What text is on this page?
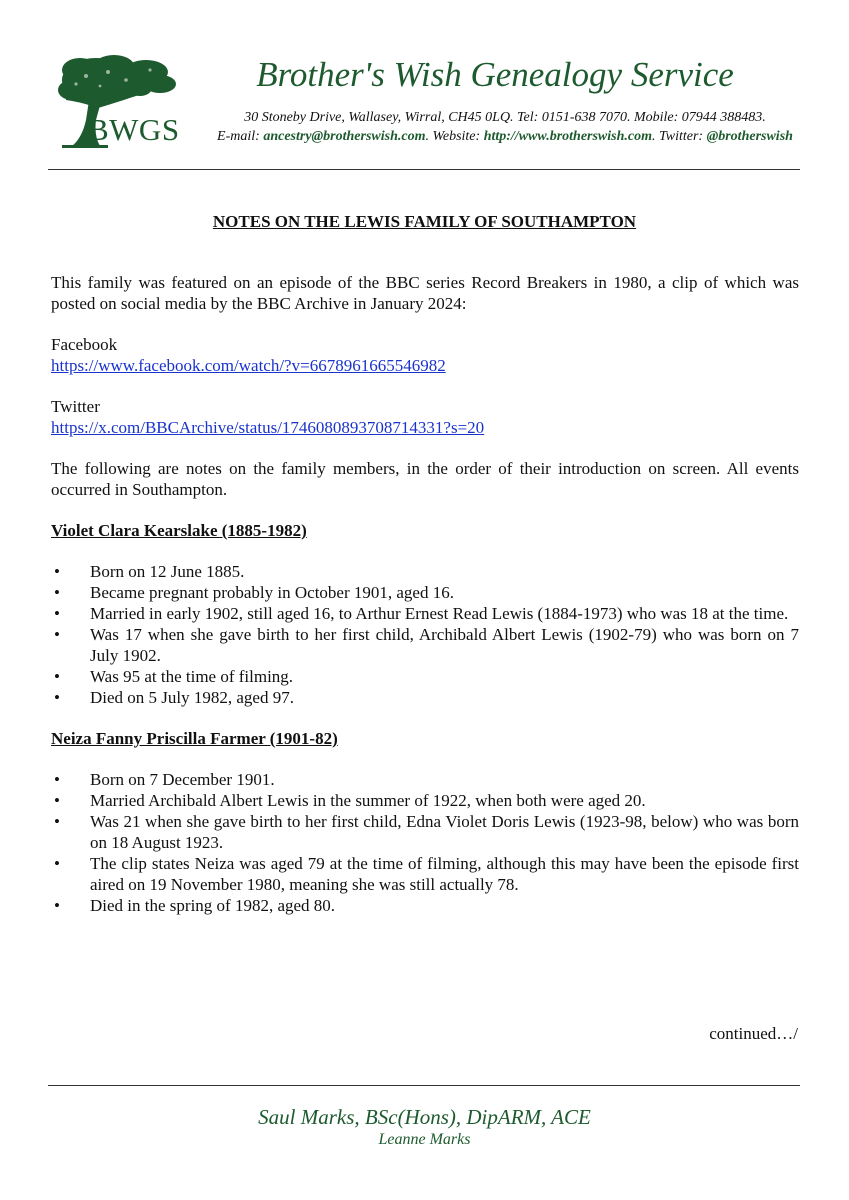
BWGS
Brother's Wish Genealogy Service
30 Stoneby Drive, Wallasey, Wirral, CH45 0LQ. Tel: 0151-638 7070. Mobile: 07944 388483.
E-mail: ancestry@brotherswish.com. Website: http://www.brotherswish.com. Twitter: @brotherswish
NOTES ON THE LEWIS FAMILY OF SOUTHAMPTON

This family was featured on an episode of the BBC series Record Breakers in 1980, a clip of which was posted on social media by the BBC Archive in January 2024:

Facebook

https://www.facebook.com/watch/?v=6678961665546982

Twitter

https://x.com/BBCArchive/status/1746080893708714331?s=20

The following are notes on the family members, in the order of their introduction on screen. All events occurred in Southampton.

Violet Clara Kearslake (1885-1982)
• Born on 12 June 1885.
• Became pregnant probably in October 1901, aged 16.
• Married in early 1902, still aged 16, to Arthur Ernest Read Lewis (1884-1973) who was 18 at the time.
• Was 17 when she gave birth to her first child, Archibald Albert Lewis (1902-79) who was born on 7 July 1902.
• Was 95 at the time of filming.
• Died on 5 July 1982, aged 97.
Neiza Fanny Priscilla Farmer (1901-82)
• Born on 7 December 1901.
• Married Archibald Albert Lewis in the summer of 1922, when both were aged 20.
• Was 21 when she gave birth to her first child, Edna Violet Doris Lewis (1923-98, below) who was born on 18 August 1923.
• The clip states Neiza was aged 79 at the time of filming, although this may have been the episode first aired on 19 November 1980, meaning she was still actually 78.
• Died in the spring of 1982, aged 80.
continued…/
Saul Marks, BSc(Hons), DipARM, ACE
Leanne Marks
